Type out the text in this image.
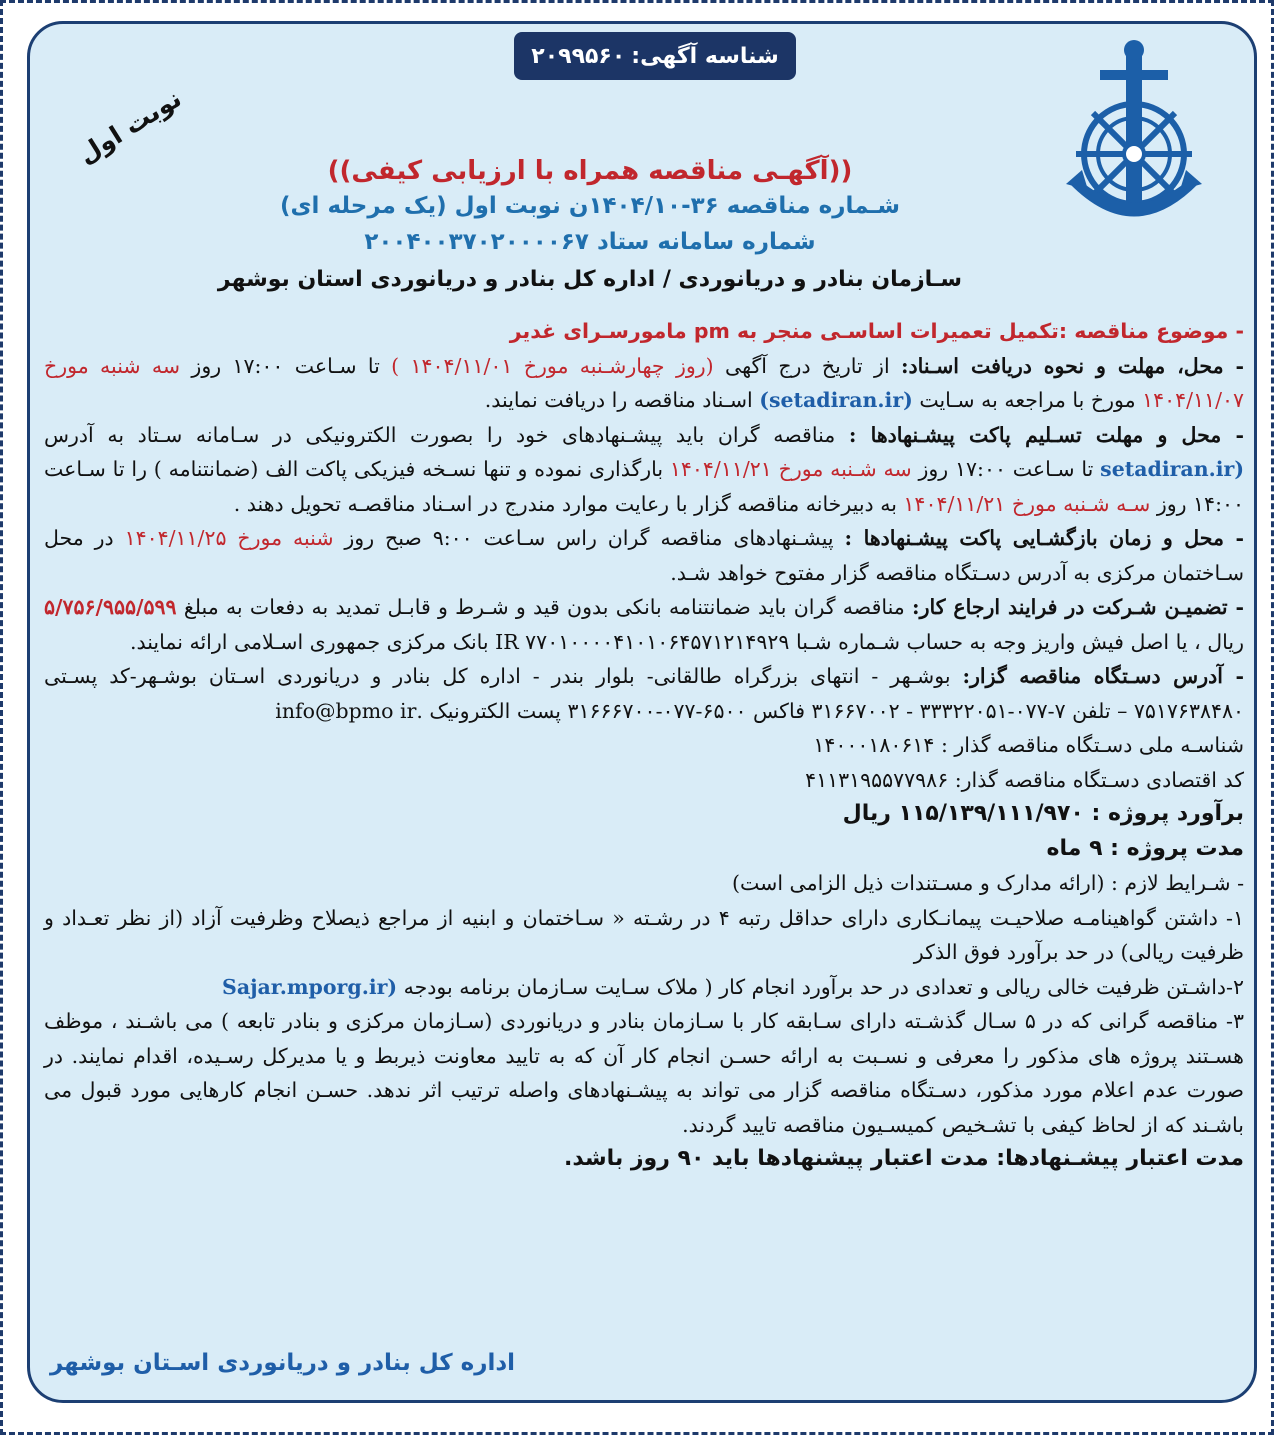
شناسه آگهی:
۲۰۹۹۵۶۰
نوبت اول
((آگهـی مناقصه همراه با ارزیابی کیفی))
شـماره مناقصه ۳۶-۱۴۰۴/۱۰ن نوبت اول (یک مرحله ای)
شماره سامانه ستاد ۲۰۰۴۰۰۳۷۰۲۰۰۰۰۶۷
سـازمان بنادر و دریانوردی / اداره کل بنادر و دریانوردی استان بوشهر

- موضوع مناقصه :تکمیل تعمیرات اساسـی منجر به pm مامورسـرای غدیر

- محل، مهلت و نحوه دریافت اسـناد: از تاریخ درج آگهی (روز چهارشـنبه مورخ ۱۴۰۴/۱۱/۰۱ ) تا سـاعت ۱۷:۰۰ روز سه شنبه مورخ ۱۴۰۴/۱۱/۰۷ مورخ با مراجعه به سـایت (setadiran.ir) اسـناد مناقصه را دریافت نمایند.

- محل و مهلت تسـلیم پاکت پیشـنهادها : مناقصه گران باید پیشـنهادهای خود را بصورت الکترونیکی در سـامانه سـتاد به آدرس (setadiran.ir تا سـاعت ۱۷:۰۰ روز سه شـنبه مورخ ۱۴۰۴/۱۱/۲۱ بارگذاری نموده و تنها نسـخه فیزیکی پاکت الف (ضمانتنامه ) را تا سـاعت ۱۴:۰۰ روز سـه شـنبه مورخ ۱۴۰۴/۱۱/۲۱ به دبیرخانه مناقصه گزار با رعایت موارد مندرج در اسـناد مناقصـه تحویل دهند .

- محل و زمان بازگشـایی پاکت پیشـنهادها : پیشـنهادهای مناقصه گران راس سـاعت ۹:۰۰ صبح روز شنبه مورخ ۱۴۰۴/۱۱/۲۵ در محل سـاختمان مرکزی به آدرس دسـتگاه مناقصه گزار مفتوح خواهد شـد.

- تضمیـن شـرکت در فرایند ارجاع کار: مناقصه گران باید ضمانتنامه بانکی بدون قید و شـرط و قابـل تمدید به دفعات به مبلغ ۵/۷۵۶/۹۵۵/۵۹۹ ریال ، یا اصل فیش واریز وجه به حساب شـماره شـبا IR ۷۷۰۱۰۰۰۰۴۱۰۱۰۶۴۵۷۱۲۱۴۹۲۹ بانک مرکزی جمهوری اسـلامی ارائه نمایند.

- آدرس دسـتگاه مناقصه گزار: بوشـهر - انتهای بزرگراه طالقانی- بلوار بندر - اداره کل بنادر و دریانوردی اسـتان بوشـهر-کد پسـتی ۷۵۱۷۶۳۸۴۸۰ – تلفن ۷-۰۷۷-۳۳۳۲۲۰۵۱ - ۳۱۶۶۷۰۰۲ فاکس ۶۵۰۰-۰۷۷-۳۱۶۶۶۷۰۰ پست الکترونیک .info@bpmo ir

شناسـه ملی دسـتگاه مناقصه گذار : ۱۴۰۰۰۱۸۰۶۱۴

کد اقتصادی دسـتگاه مناقصه گذار: ۴۱۱۳۱۹۵۵۷۷۹۸۶

برآورد پروژه : ۱۱۵/۱۳۹/۱۱۱/۹۷۰ ریال

مدت پروژه : ۹ ماه

- شـرایط لازم : (ارائه مدارک و مسـتندات ذیل الزامی است)

۱- داشتن گواهینامـه صلاحیـت پیمانـکاری دارای حداقل رتبه ۴ در رشـته « سـاختمان و ابنیه از مراجع ذیصلاح وظرفیت آزاد (از نظر تعـداد و ظرفیت ریالی) در حد برآورد فوق الذکر

۲-داشـتن ظرفیت خالی ریالی و تعدادی در حد برآورد انجام کار ( ملاک سـایت سـازمان برنامه بودجه (Sajar.mporg.ir

۳- مناقصه گرانی که در ۵ سـال گذشـته دارای سـابقه کار با سـازمان بنادر و دریانوردی (سـازمان مرکزی و بنادر تابعه ) می باشـند ، موظف هسـتند پروژه های مذکور را معرفی و نسـبت به ارائه حسـن انجام کار آن که به تایید معاونت ذیربط و یا مدیرکل رسـیده، اقدام نمایند. در صورت عدم اعلام مورد مذکور، دسـتگاه مناقصه گزار می تواند به پیشـنهادهای واصله ترتیب اثر ندهد. حسـن انجام کارهایی مورد قبول می باشـند که از لحاظ کیفی با تشـخیص کمیسـیون مناقصه تایید گردند.

مدت اعتبار پیشـنهادها: مدت اعتبار پیشنهادها باید ۹۰ روز باشد.

اداره کل بنادر و دریانوردی اسـتان بوشهر
